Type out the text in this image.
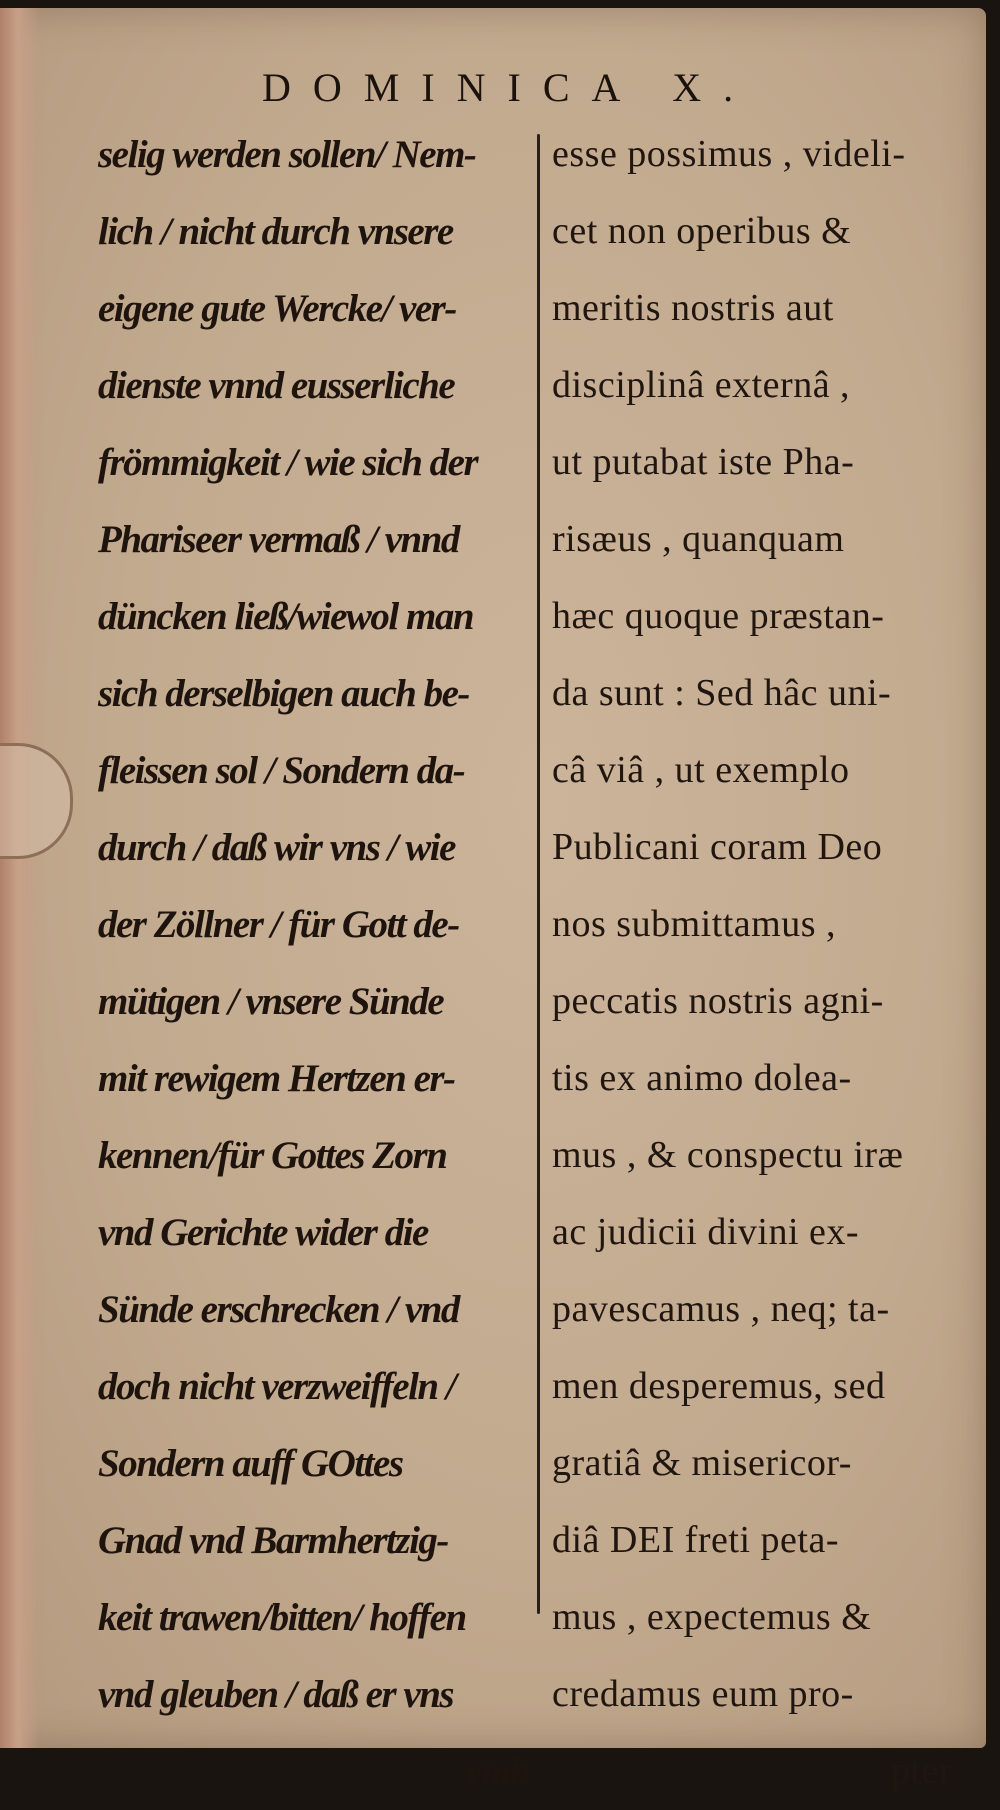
DOMINICA X.
selig werden sollen/ Nem-
lich / nicht durch vnsere
eigene gute Wercke/ ver-
dienste vnnd eusserliche
frömmigkeit / wie sich der
Phariseer vermaß / vnnd
düncken ließ/wiewol man
sich derselbigen auch be-
fleissen sol / Sondern da-
durch / daß wir vns / wie
der Zöllner / für Gott de-
mütigen / vnsere Sünde
mit rewigem Hertzen er-
kennen/für Gottes Zorn
vnd Gerichte wider die
Sünde erschrecken / vnd
doch nicht verzweiffeln /
Sondern auff GOttes
Gnad vnd Barmhertzig-
keit trawen/bitten/ hoffen
vnd gleuben / daß er vns
vmb
esse possimus , videli-
cet non operibus &
meritis nostris aut
disciplinâ externâ ,
ut putabat iste Pha-
risæus , quanquam
hæc quoque præstan-
da sunt : Sed hâc uni-
câ viâ , ut exemplo
Publicani coram Deo
nos submittamus ,
peccatis nostris agni-
tis ex animo dolea-
mus , & conspectu iræ
ac judicii divini ex-
pavescamus , neq; ta-
men desperemus, sed
gratiâ & misericor-
diâ DEI freti peta-
mus , expectemus &
credamus eum pro-
pter
